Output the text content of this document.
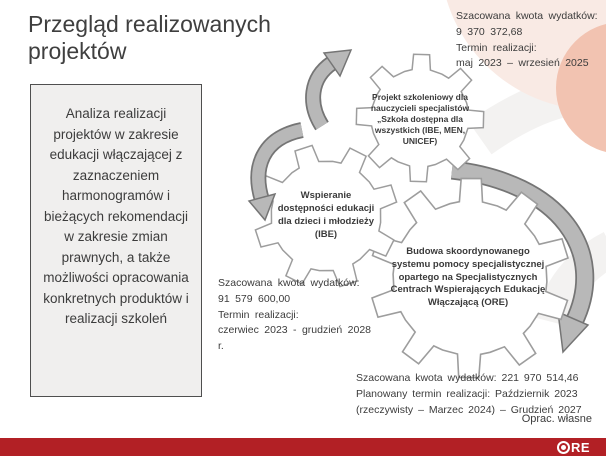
Przegląd realizowanych projektów
Analiza realizacji projektów w zakresie edukacji włączającej z zaznaczeniem harmonogramów i bieżących rekomendacji w zakresie zmian prawnych, a także możliwości opracowania konkretnych produktów i realizacji szkoleń
Szacowana kwota wydatków:
9 370 372,68
Termin realizacji:
maj 2023 – wrzesień 2025
Szacowana kwota wydatków:
91 579 600,00
Termin realizacji:
czerwiec 2023 - grudzień 2028 r.
Szacowana kwota wydatków: 221 970 514,46
Planowany termin realizacji: Październik 2023
(rzeczywisty – Marzec 2024) – Grudzień 2027
Projekt szkoleniowy dla nauczycieli specjalistów „Szkoła dostępna dla wszystkich (IBE, MEN, UNICEF)
Wspieranie dostępności edukacji dla dzieci i młodzieży (IBE)
Budowa skoordynowanego systemu pomocy specjalistycznej opartego na Specjalistycznych Centrach Wspierających Edukację Włączającą (ORE)
Oprac. własne
RE
